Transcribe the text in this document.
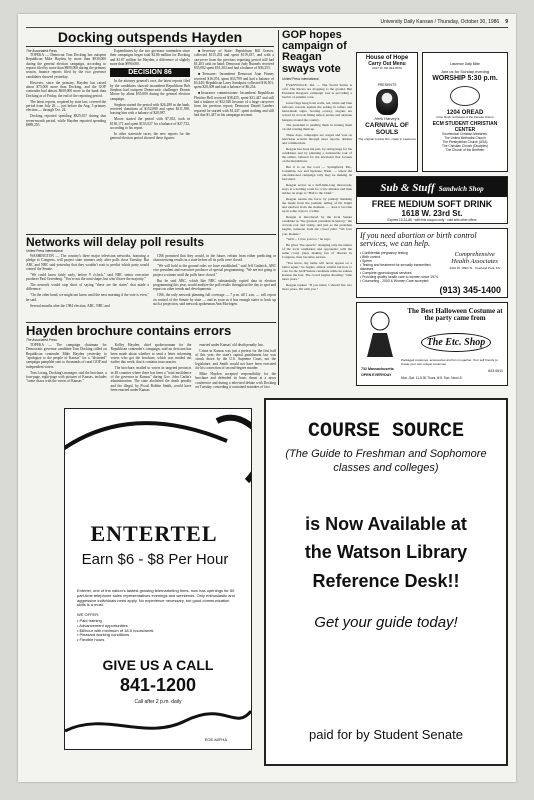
University Daily Kansan / Thursday, October 30, 1986 9
Docking outspends Hayden
The Associated Press

TOPEKA — Democrat Tom Docking has outspent Republican Mike Hayden by more than $930,000 during the general election campaign, according to reports filed by more than $800,000 during the primary season, finance reports filed by the two governor candidates showed yesterday.

However, since the primary, Hayden has raised about $75,000 more than Docking, and the GOP contender had almost $600,000 more in the bank than Docking as of Friday, the end of the reporting period.

The latest reports, required by state law, covered the period from July 26 — just before the Aug. 5 primary election — through Oct. 24.

Docking reported spending $925,657 during that seven-month period, while Hayden reported spending $889,255.

Expenditures by the two governor contenders since their campaigns began total $2.86 million for Docking and $1.87 million for Hayden, a difference of slightly more than $990,000.

DECISION 86

In the attorney general's race, the latest reports filed by the candidates showed incumbent Republican Bob Stephan had outspent Democratic challenger Dennis Moore by about $55,000 during the general election campaign.

Stephan started the period with $26,288 in the bank, received donations of $152,080 and spent $211,590, leaving him with a balance of $20,987.

Moore started the period with $7,302, took in $130,171 and spent $153,027 for a balance of $27,722, according to his report.

In other statewide races, the new reports for the general election period showed these figures:

■Secretary of State: Republican Bill Graves, collected $115,292 and spent $119,437, and with a carryover from the previous reporting period still had $1,203 cash on hand; Democrat Judy Runnels received $35,082 spent $51,203 and had a balance of $36,353.

■Treasurer: Incumbent Democrat Joan Finney received $16,074, spent $33,799 and had a balance of $3,440; Republican Larry Sundquist collected $16,501, spent $20,309 and had a balance of $6,254.

■Insurance commissioner: Incumbent Republican Fletcher Bell received $38,455, spent $31,447 and still had a balance of $32,920 because of a large carryover from his previous report; Democrat Daniel Landers reported he started with $1,447, spent nothing and still had that $1,447 in his campaign account.

GOP hopes campaign of Reagan sways vote
United Press International

EVANSVILLE, Ind. — The World Series is over. The Racers are dropping to the ground. But President Reagan's campaign tour is providing a last bit of autumn color.

Giant flags hang from walls, red, white and blue balloons cascade against the setting in rafters and hand-made signs. Soaring oratory, slogans are waved by crowds filling indoor arenas and airplane hangars around the country.

The president is pushing them in turning them on and rousing them up.

These days, campaigns are waged and won on television screens through news reports, debates and commercials.

Reagan has done his part, by rating huge for his candidates and by planning a nationwide tour of the rallies, tailored for the television that focuses on the Republican.

But it is on the road — Springfield, Mo., Columbia, Ga. and Spokane, Wash. — where the old-fashioned campaign rally may be making its last stand.

Reagan serves as a half-mile-long motorcade, stays at a holding room for a few minutes and then strides on stage to "Hail to the Chief."

Reagan retains the favor by politely thanking the bands from the podium, telling of his bright and election from the moment. — does it become up in some ways to a while.

Reagan is introduced by the local Senate candidate as "the greatest president in history," the crowds roar and stomp, and just as the president begins, someone from the crowd yells: "We love you, Ronnie."

"Well ... I love you too," he says.

He gives "the speech," changing only the names of the local candidates and opponents, tells the same corny jokes making fun of liberals in Congress, then becomes serious.

"You know, my name will never appear on a ballot again," he begins, almost wistful but how to vote for the GOP Senate candidate while he salutes Kansas the fear. The crowd begins shouting: "One more years."

Reagan replies: "If you insist, I should live two more years, I'm with you."

Networks will delay poll results
United Press International

WASHINGTON — The country's three major television networks, honoring a pledge to Congress, will project state winners only after polls close Tuesday. But ABC and NBC said yesterday that they wouldn't wait to predict which party would control the Senate.

"We could know fairly early, before 9 o'clock," said NBC senior executive producer Paul Greenberg. "You're not the total shape, but who'd have the majority."

The network would stop short of saying "these are the states" that made a difference.

"On the other hand, we might not know until the next morning if the vote is even," he said.

Several months after the 1984 election, ABC, NBC and

CBS promised that they would, in the future, refrain from either predicting or characterizing results in a state before all its polls were closed.

"We will hold to the ground rules we have established," said Jeff Gralnick, ABC vice president and executive producer of special programming. "We are not going to project a winner until the polls have closed."

But he said ABC, which like NBC substantially copied data in election programming this year, would analyze the poll results throughout the day to spot and report on other trends and developments.

CBS, the only network planning full coverage — 7 p.m. till 1 a.m. — will report on control of the Senate by state — and as soon as it has enough states to back up such a projection, said network spokesman Ann Morfogen.

Hayden brochure contains errors
The Associated Press

TOPEKA — The campaign chairman for Democratic governor candidate Tom Docking called on Republican contender Mike Hayden yesterday to "apologize to the people of Kansas" for a "distorted" campaign pamphlet sent to thousands of rural GOP and independent voters.

Tom Loring, Docking's manager, said the brochure, a four-page, eight-page with pictures of Kansas, includes "some chaos with the voters of Kansas."

Kelley Hayden, chief spokeswoman for the Republican contender's campaign, said no decision has been made about whether to send a letter informing voters who got the brochure, which was mailed out earlier this week, that it contains inaccuracies.

The brochure, mailed to voters in targeted precincts in 48 counties where there has been a "total misfidence of the governor in Kansas" during Gov. John Carlin's administration. The state abolished the death penalty and the illegal, by Fiscal Robbie Smith, would have been enacted under Kansas

enacted under Kansas' old death penalty law.

Crime in Kansas was just a pretext for the first half of this year; the state's capital punishment law was struck down by the U.S. Supreme Court, not the legislature, and Smith would not have been executed for his conviction of second-degree murder.

Mike Hayden accepted responsibility for the brochure and defended its basic thrust at a news conference and during a televised debate with Docking on Tuesday, conceding it contained mistakes of fact.

ENTERTEL
Earn $6 - $8 Per Hour
Entertel, one of the nation's fastest growing telemarketing firms, now has openings for 50 part-time telephone sales representatives evenings and weekends. Only enthusiastic and aggressive individuals need apply. No experience necessary, but good communication skills is a must.
WE OFFER:
• Paid training
• Advancement opportunities
• $8/hour with minimum of 18.5 hours/week
• Pleasant working conditions
• Flexible hours
GIVE US A CALL
841-1200
Call after 2 p.m. daily
EOE-M/FHA
House of Hope
Carry Out Menu
2047 W. 6th 843-8070
PRESENTS
Herk Harvey's
CARNIVAL OF SOULS
The original zombie film, made in Lawrence
Lawrence Daily Bible
Join us for Sunday evening
WORSHIP 5:30 p.m.
1204 OREAD
(One block northwest of the Kansas Union)
ECM STUDENT CHRISTIAN CENTER

Ecumenical Christian Ministries:

The United Methodist Church

The Presbyterian Church (USA)

The Christian Church (Disciples)

The Church of the Brethren

Sub & Stuff Sandwich Shop
FREE MEDIUM SOFT DRINK
1618 W. 23rd St.
Expires 10-31-86 · with this coupon only · void with other offers
If you need abortion or birth control services, we can help.
• Confidential pregnancy testing
• Birth control
• Sperm
• Testing and treatment for sexually transmitted diseases
• Complete gynecological services
• Providing quality health care to women since 1974
• Counseling - 2000 & Women Care accepted
Comprehensive Health Associates
4401 W. 109th St · Overland Park, KS
(913) 345-1400
The Best Halloween Costume at the party came from
The Etc. Shop
Packaged costumes, accessories and fun in together. Your self friends to create your own unique costumes.
732 Massachusetts
OPEN EVERYDAY
Mon.-Sat. 11-5:30 Thurs. til 8, Sun. Noon-5
843-0611
COURSE SOURCE
(The Guide to Freshman and Sophomore classes and colleges)
is Now Available at the Watson Library Reference Desk!!
Get your guide today!
paid for by Student Senate
